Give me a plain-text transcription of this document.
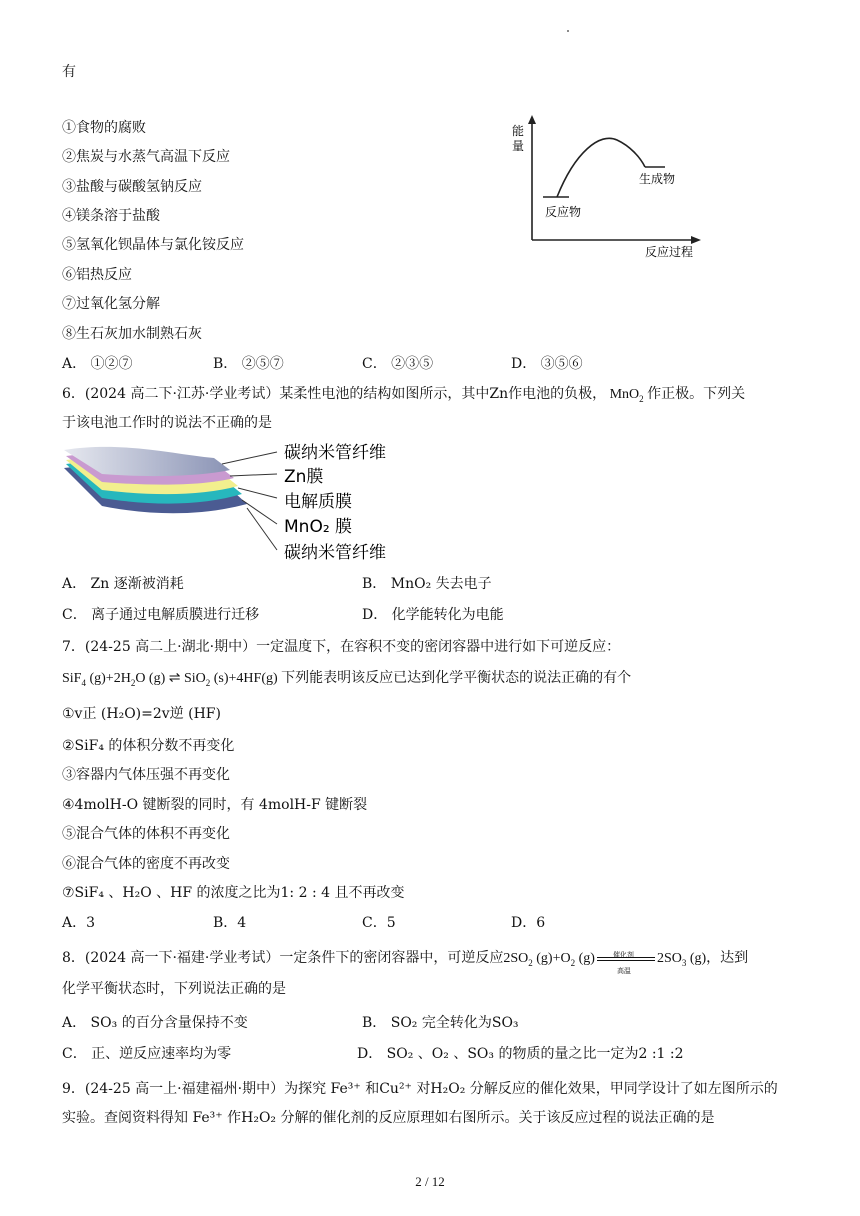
有
①食物的腐败
②焦炭与水蒸气高温下反应
③盐酸与碳酸氢钠反应
④镁条溶于盐酸
⑤氢氧化钡晶体与氯化铵反应
⑥铝热反应
⑦过氧化氢分解
⑧生石灰加水制熟石灰
A． ①②⑦	B． ②⑤⑦	C． ②③⑤	D． ③⑤⑥
能
量
反应物
生成物
反应过程
6．(2024 高二下·江苏·学业考试）某柔性电池的结构如图所示，其中Zn作电池的负极， MnO$_2$ 作正极。下列关
于该电池工作时的说法不正确的是
碳纳米管纤维
Zn膜
电解质膜
MnO₂ 膜
碳纳米管纤维
A． Zn 逐渐被消耗	B． MnO₂ 失去电子
C． 离子通过电解质膜进行迁移	D． 化学能转化为电能
7．(24-25 高二上·湖北·期中）一定温度下，在容积不变的密闭容器中进行如下可逆反应：
SiF$_4$ $(g)+2H_2O$ (g) ⇌ SiO$_2$ (s)+4HF(g) 下列能表明该反应已达到化学平衡状态的说法正确的有个
①v正 (H₂O)=2v逆 (HF)
②SiF₄ 的体积分数不再变化
③容器内气体压强不再变化
④4molH-O 键断裂的同时，有 4molH-F 键断裂
⑤混合气体的体积不再变化
⑥混合气体的密度不再改变
⑦SiF₄ 、H₂O 、HF 的浓度之比为1: 2 : 4 且不再改变
A．3	B．4	C．5	D．6
8．(2024 高一下·福建·学业考试）一定条件下的密闭容器中，可逆反应$2SO_2$ $(g)+O_2$ (g)	催化剂
高温
$2SO_3$ (g)，达到
化学平衡状态时，下列说法正确的是
A． SO₃ 的百分含量保持不变	B． SO₂ 完全转化为SO₃
C． 正、逆反应速率均为零	D． SO₂ 、O₂ 、SO₃ 的物质的量之比一定为2 :1 :2
9．(24-25 高一上·福建福州·期中）为探究 Fe³⁺ 和Cu²⁺ 对H₂O₂ 分解反应的催化效果，甲同学设计了如左图所示的
实验。查阅资料得知 Fe³⁺ 作H₂O₂ 分解的催化剂的反应原理如右图所示。关于该反应过程的说法正确的是
2 / 12
